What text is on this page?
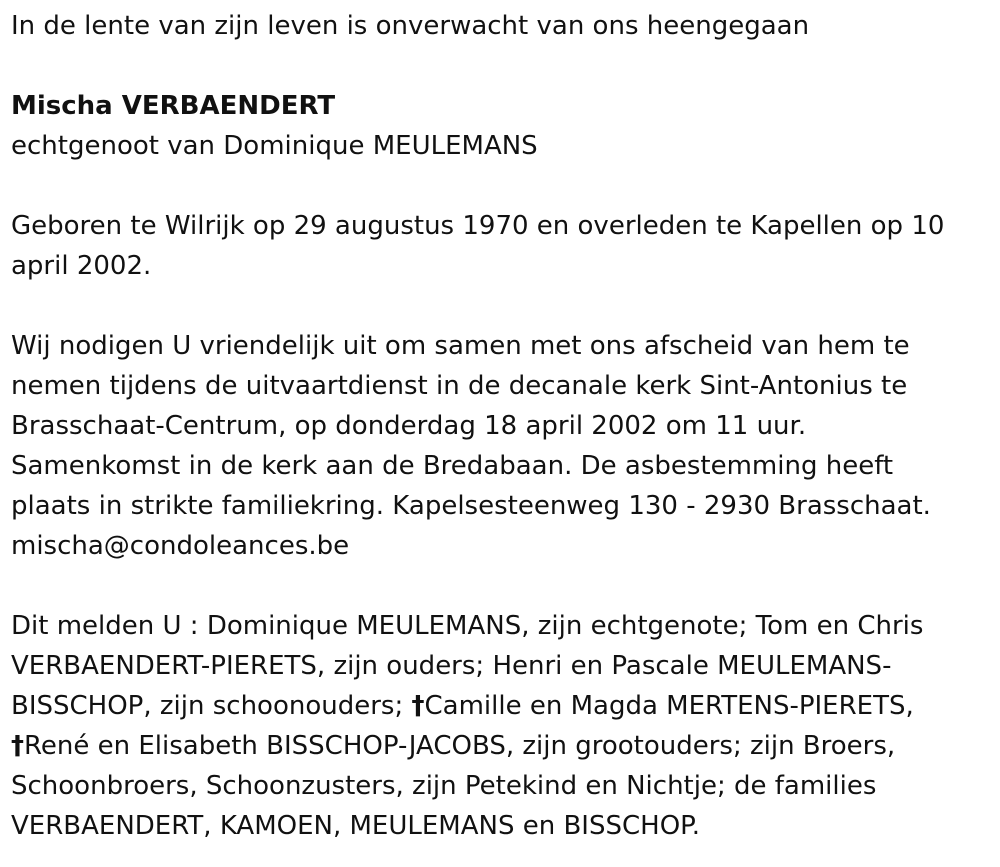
In de lente van zijn leven is onverwacht van ons heengegaan
Mischa VERBAENDERT
echtgenoot van Dominique MEULEMANS
Geboren te Wilrijk op 29 augustus 1970 en overleden te Kapellen op 10
april 2002.
Wij nodigen U vriendelijk uit om samen met ons afscheid van hem te
nemen tijdens de uitvaartdienst in de decanale kerk Sint-Antonius te
Brasschaat-Centrum, op donderdag 18 april 2002 om 11 uur.
Samenkomst in de kerk aan de Bredabaan. De asbestemming heeft
plaats in strikte familiekring. Kapelsesteenweg 130 - 2930 Brasschaat.
mischa@condoleances.be
Dit melden U : Dominique MEULEMANS, zijn echtgenote; Tom en Chris
VERBAENDERT-PIERETS, zijn ouders; Henri en Pascale MEULEMANS-
BISSCHOP, zijn schoonouders; †Camille en Magda MERTENS-PIERETS,
†René en Elisabeth BISSCHOP-JACOBS, zijn grootouders; zijn Broers,
Schoonbroers, Schoonzusters, zijn Petekind en Nichtje; de families
VERBAENDERT, KAMOEN, MEULEMANS en BISSCHOP.
